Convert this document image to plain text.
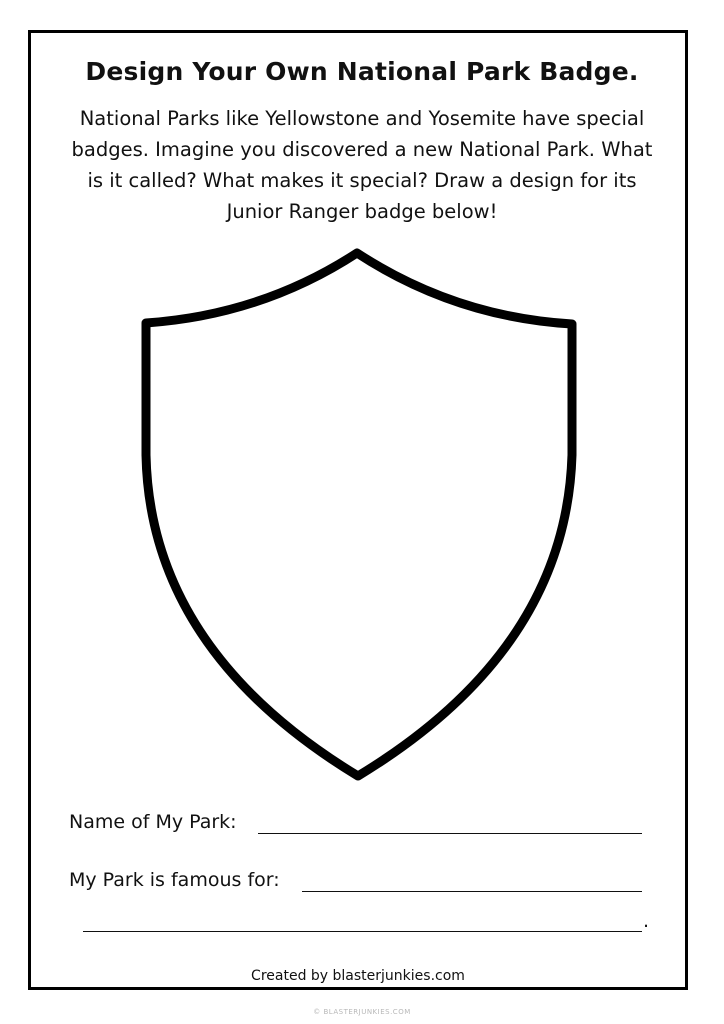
Design Your Own National Park Badge.

National Parks like Yellowstone and Yosemite have special
badges. Imagine you discovered a new National Park. What
is it called? What makes it special? Draw a design for its
Junior Ranger badge below!

Name of My Park:
My Park is famous for:
.
Created by blasterjunkies.com
© BLASTERJUNKIES.COM
